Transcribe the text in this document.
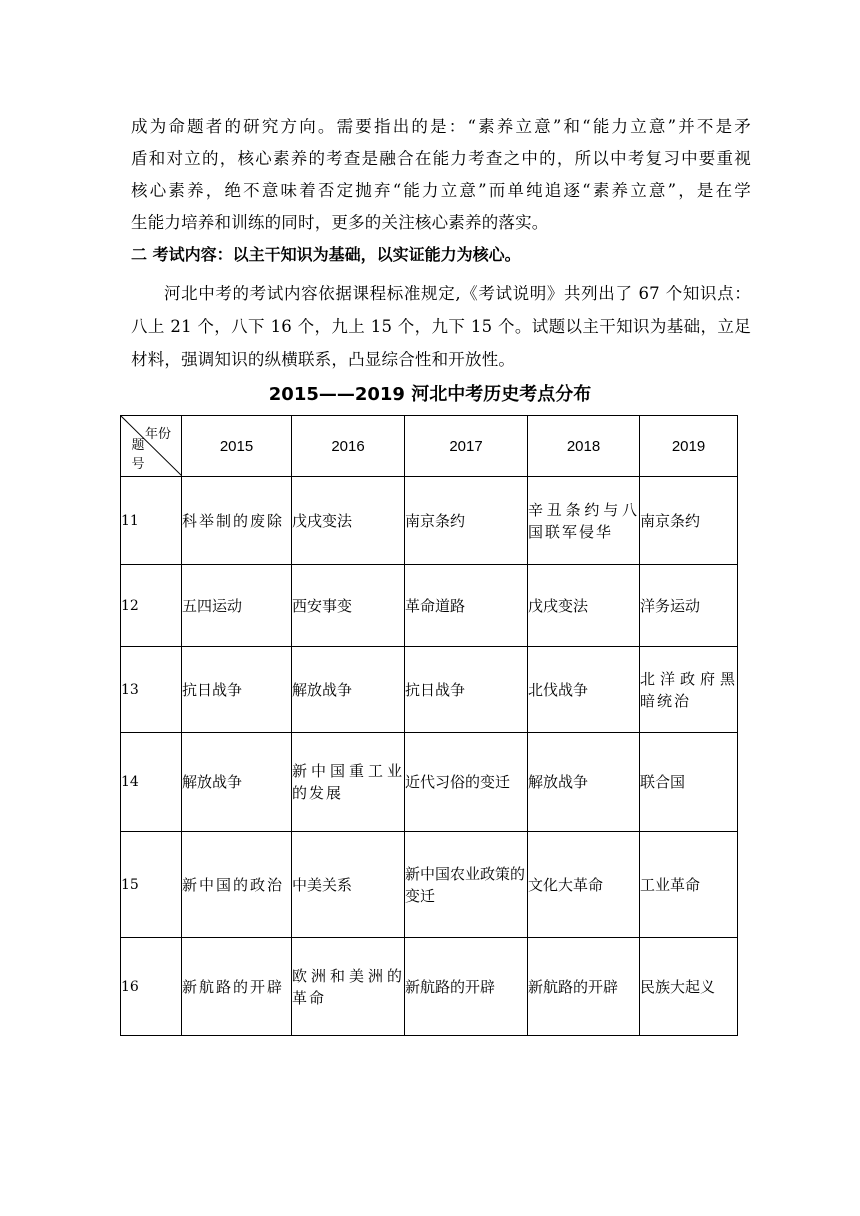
成为命题者的研究方向。需要指出的是：“素养立意”和“能力立意”并不是矛
盾和对立的，核心素养的考查是融合在能力考查之中的，所以中考复习中要重视
核心素养，绝不意味着否定抛弃“能力立意”而单纯追逐“素养立意”，是在学
生能力培养和训练的同时，更多的关注核心素养的落实。
二 考试内容：以主干知识为基础，以实证能力为核心。
河北中考的考试内容依据课程标准规定,《考试说明》共列出了 67 个知识点：
八上 21 个，八下 16 个，九上 15 个，九下 15 个。试题以主干知识为基础，立足
材料，强调知识的纵横联系，凸显综合性和开放性。
2015——2019 河北中考历史考点分布
年份
题号	2015	2016	2017	2018	2019
11	科举制的废除	戊戌变法	南京条约	辛丑条约与八国联军侵华	南京条约
12	五四运动	西安事变	革命道路	戊戌变法	洋务运动
13	抗日战争	解放战争	抗日战争	北伐战争	北洋政府黑暗统治
14	解放战争	新中国重工业的发展	近代习俗的变迁	解放战争	联合国
15	新中国的政治	中美关系	新中国农业政策的变迁	文化大革命	工业革命
16	新航路的开辟	欧洲和美洲的革命	新航路的开辟	新航路的开辟	民族大起义
